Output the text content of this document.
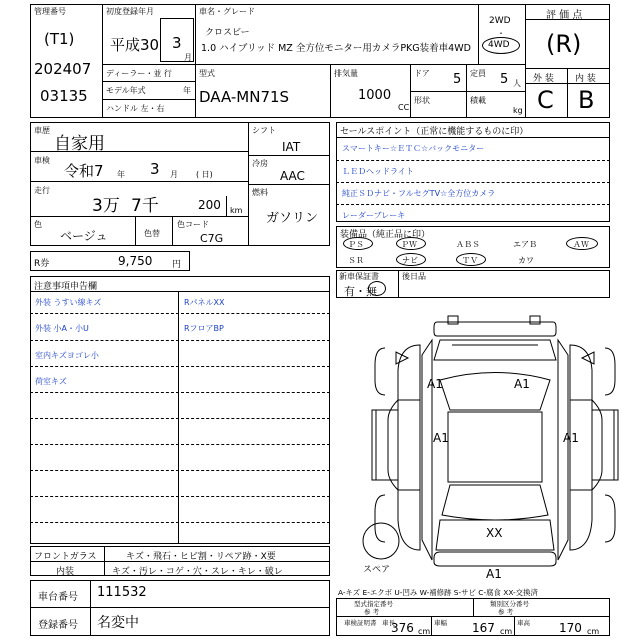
管理番号
(T1)
202407
03135
初度登録年月
平成30 3
月
ディーラー・並 行
モデル年式	年
ハンドル 左・右
車名・グレード
クロスビー
1.0 ハイブリッド MZ 全方位モニター用カメラPKG装着車4WD
2WD
・
4WD
型式
DAA-MN71S
排気量
1000
CC
ドア 5 定員 5 人
形状	積載
kg
評 価 点
(R)
外 装 内 装
C B
車歴
自家用
車検
令和7 年 3 月 ( 日)
走行
3万 7千	200 km
色
ベージュ	色替
色コード
C7G
シフト
IAT
冷房
AAC
燃料
ガソリン
R券	9,750 円
セールスポイント（正常に機能するものに印）
スマートキー☆ＥＴＣ☆バックモニター
ＬＥＤヘッドライト
純正ＳＤナビ・フルセグTV☆全方位カメラ
レーダーブレーキ
装備品（純正品に印）
ＰＳ	ＰＷ	ＡＢＳ	エアＢ	ＡＷ
ＳＲ	ナビ	ＴＶ	カワ
新車保証書
有・無
後日品
注意事項申告欄
外装 うすい線キズ	RパネルXX
外装 小A・小U	RフロアBP
室内キズヨゴレ小
荷室キズ
フロントガラス	キズ・飛石・ヒビ割・リペア跡・X要
内装	キズ・汚レ・コゲ・穴・スレ・キレ・破レ
車台番号 111532
登録番号 名変中
A1	A1
A1	A1
XX
A1
スペア
A-キズ E-エクボ U-凹み W-補修跡 S-サビ C-腐食 XX-交換済
型式指定番号
参 考
類別区分番号
参 考
車検証明書 車長
376 cm
車幅 167 cm
車高 170 cm
